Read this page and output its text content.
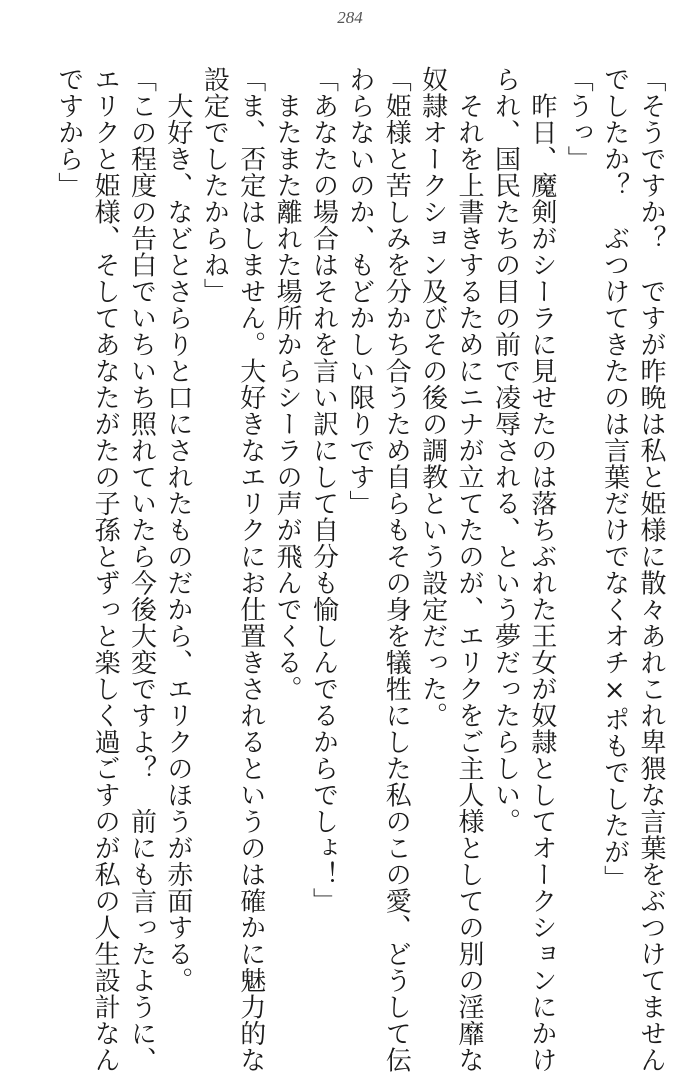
284
「そうですか？　ですが昨晩は私と姫様に散々あれこれ卑猥な言葉をぶつけてません
でしたか？　ぶつけてきたのは言葉だけでなくオチ×ポもでしたが」
「うっ」
　昨日、魔剣がシーラに見せたのは落ちぶれた王女が奴隷としてオークションにかけ
られ、国民たちの目の前で凌辱される、という夢だったらしい。
　それを上書きするためにニナが立てたのが、エリクをご主人様としての別の淫靡な
奴隷オークション及びその後の調教という設定だった。
「姫様と苦しみを分かち合うため自らもその身を犠牲にした私のこの愛、どうして伝
わらないのか、もどかしい限りです」
「あなたの場合はそれを言い訳にして自分も愉しんでるからでしょ！」
　またまた離れた場所からシーラの声が飛んでくる。
「ま、否定はしません。大好きなエリクにお仕置きされるというのは確かに魅力的な
設定でしたからね」
　大好き、などとさらりと口にされたものだから、エリクのほうが赤面する。
「この程度の告白でいちいち照れていたら今後大変ですよ？　前にも言ったように、
エリクと姫様、そしてあなたがたの子孫とずっと楽しく過ごすのが私の人生設計なん
ですから」
